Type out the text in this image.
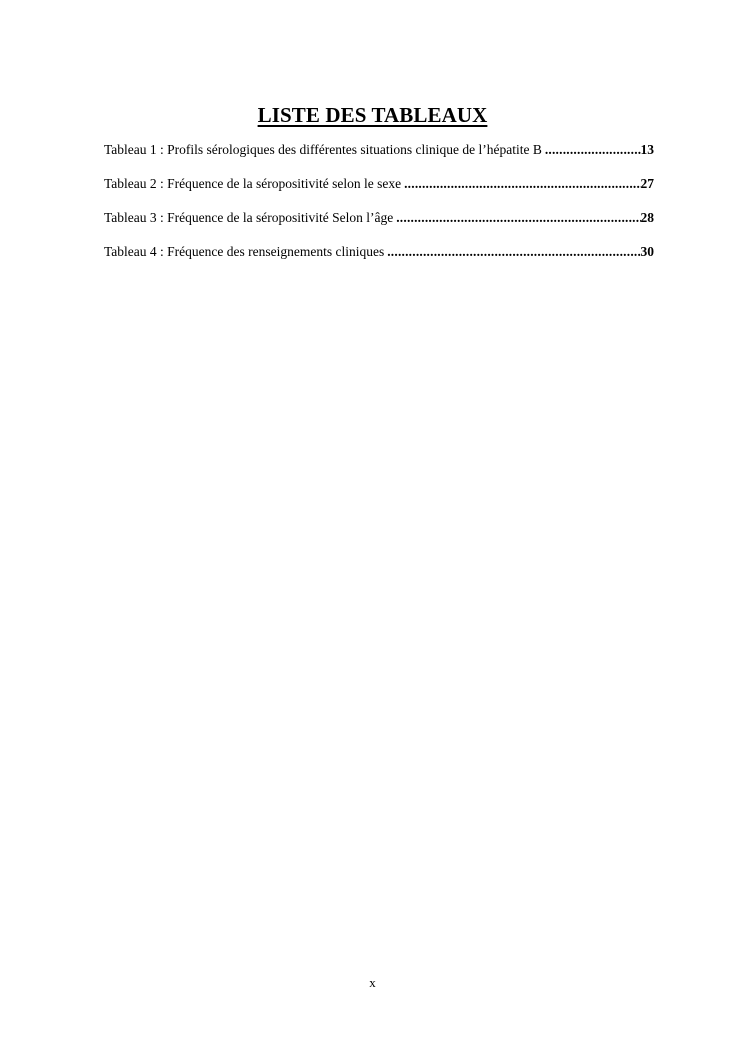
LISTE DES TABLEAUX
Tableau 1 : Profils sérologiques des différentes situations clinique de l’hépatite B .....	13
Tableau 2 : Fréquence de la séropositivité selon le sexe .....	27
Tableau 3 : Fréquence de la séropositivité Selon l’âge .....	28
Tableau 4 : Fréquence des renseignements cliniques .....	30
x
